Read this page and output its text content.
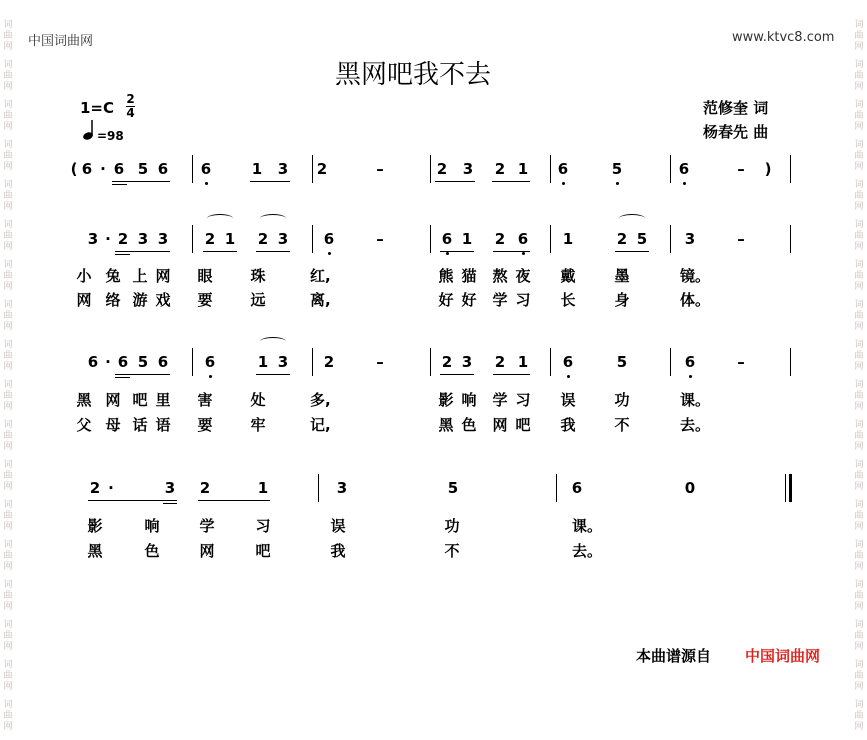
词
曲
网
词
曲
网
词
曲
网
词
曲
网
词
曲
网
词
曲
网
词
曲
网
词
曲
网
词
曲
网
词
曲
网
词
曲
网
词
曲
网
词
曲
网
词
曲
网
词
曲
网
词
曲
网
词
曲
网
词
曲
网
词
曲
网
词
曲
网
词
曲
网
词
曲
网
词
曲
网
词
曲
网
词
曲
网
词
曲
网
词
曲
网
词
曲
网
词
曲
网
词
曲
网
词
曲
网
词
曲
网
词
曲
网
词
曲
网
词
曲
网
词
曲
网
中国词曲网	www.ktvc8.com
黑网吧我不去
1=C 2
4
=98
范修奎 词
杨春先 曲
( 6 · 6 5 6 6	1 3 2	–	2 3 2 1 6	5	6	–	)
3 · 2 3 3 2 1 2 3 6	–	6 1 2 6 1	2 5	3	–
小 兔 上 网 眼	珠	红,	熊 猫 熬 夜 戴	墨	镜。
网 络 游 戏 要	远	离,	好 好 学 习 长	身	体。
6 · 6 5 6 6	1 3 2	–	2 3 2 1 6	5	6	–
黑 网 吧 里 害	处	多,	影 响 学 习 误	功	课。
父 母 话 语 要	牢	记,	黑 色 网 吧 我	不	去。
2 ·	3 2	1	3	5	6	0
影	响	学	习	误	功	课。
黑	色	网	吧	我	不	去。
本曲谱源自 中国词曲网
